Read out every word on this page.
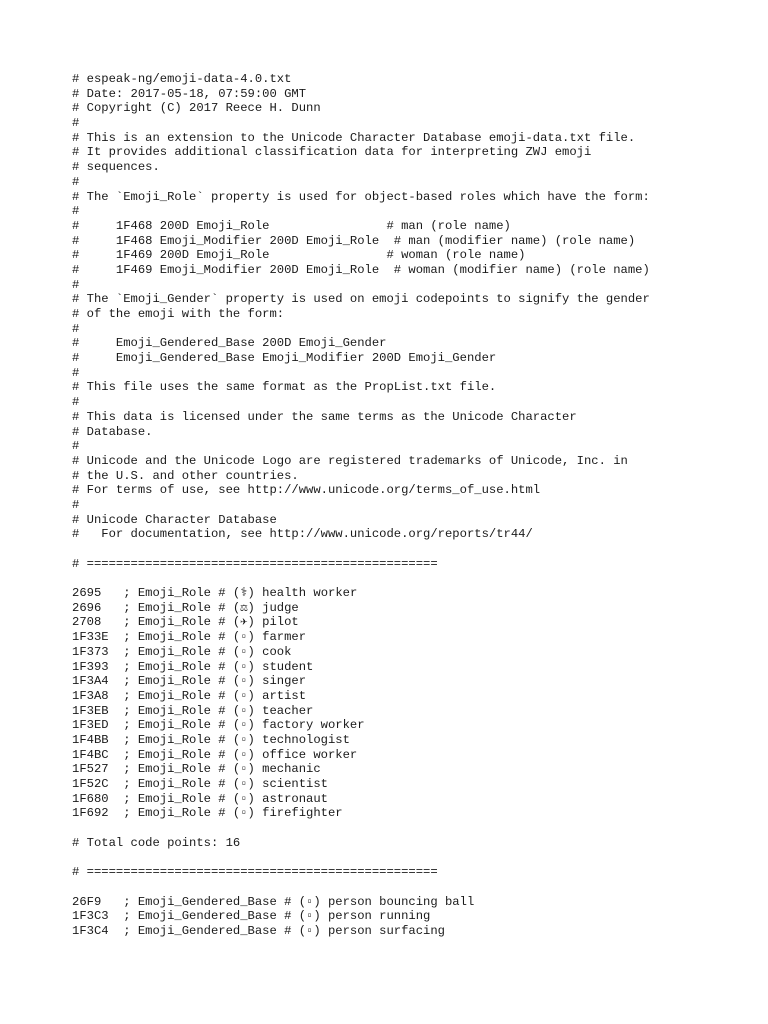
# espeak-ng/emoji-data-4.0.txt
# Date: 2017-05-18, 07:59:00 GMT
# Copyright (C) 2017 Reece H. Dunn
#
# This is an extension to the Unicode Character Database emoji-data.txt file.
# It provides additional classification data for interpreting ZWJ emoji
# sequences.
#
# The `Emoji_Role` property is used for object-based roles which have the form:
#
#     1F468 200D Emoji_Role                # man (role name)
#     1F468 Emoji_Modifier 200D Emoji_Role  # man (modifier name) (role name)
#     1F469 200D Emoji_Role                # woman (role name)
#     1F469 Emoji_Modifier 200D Emoji_Role  # woman (modifier name) (role name)
#
# The `Emoji_Gender` property is used on emoji codepoints to signify the gender
# of the emoji with the form:
#
#     Emoji_Gendered_Base 200D Emoji_Gender
#     Emoji_Gendered_Base Emoji_Modifier 200D Emoji_Gender
#
# This file uses the same format as the PropList.txt file.
#
# This data is licensed under the same terms as the Unicode Character
# Database.
#
# Unicode and the Unicode Logo are registered trademarks of Unicode, Inc. in
# the U.S. and other countries.
# For terms of use, see http://www.unicode.org/terms_of_use.html
#
# Unicode Character Database
#   For documentation, see http://www.unicode.org/reports/tr44/
# ================================================
2695   ; Emoji_Role # (⚕) health worker
2696   ; Emoji_Role # (⚖) judge
2708   ; Emoji_Role # (✈) pilot
1F33E  ; Emoji_Role # (▫) farmer
1F373  ; Emoji_Role # (▫) cook
1F393  ; Emoji_Role # (▫) student
1F3A4  ; Emoji_Role # (▫) singer
1F3A8  ; Emoji_Role # (▫) artist
1F3EB  ; Emoji_Role # (▫) teacher
1F3ED  ; Emoji_Role # (▫) factory worker
1F4BB  ; Emoji_Role # (▫) technologist
1F4BC  ; Emoji_Role # (▫) office worker
1F527  ; Emoji_Role # (▫) mechanic
1F52C  ; Emoji_Role # (▫) scientist
1F680  ; Emoji_Role # (▫) astronaut
1F692  ; Emoji_Role # (▫) firefighter
# Total code points: 16
# ================================================
26F9   ; Emoji_Gendered_Base # (▫) person bouncing ball
1F3C3  ; Emoji_Gendered_Base # (▫) person running
1F3C4  ; Emoji_Gendered_Base # (▫) person surfacing
